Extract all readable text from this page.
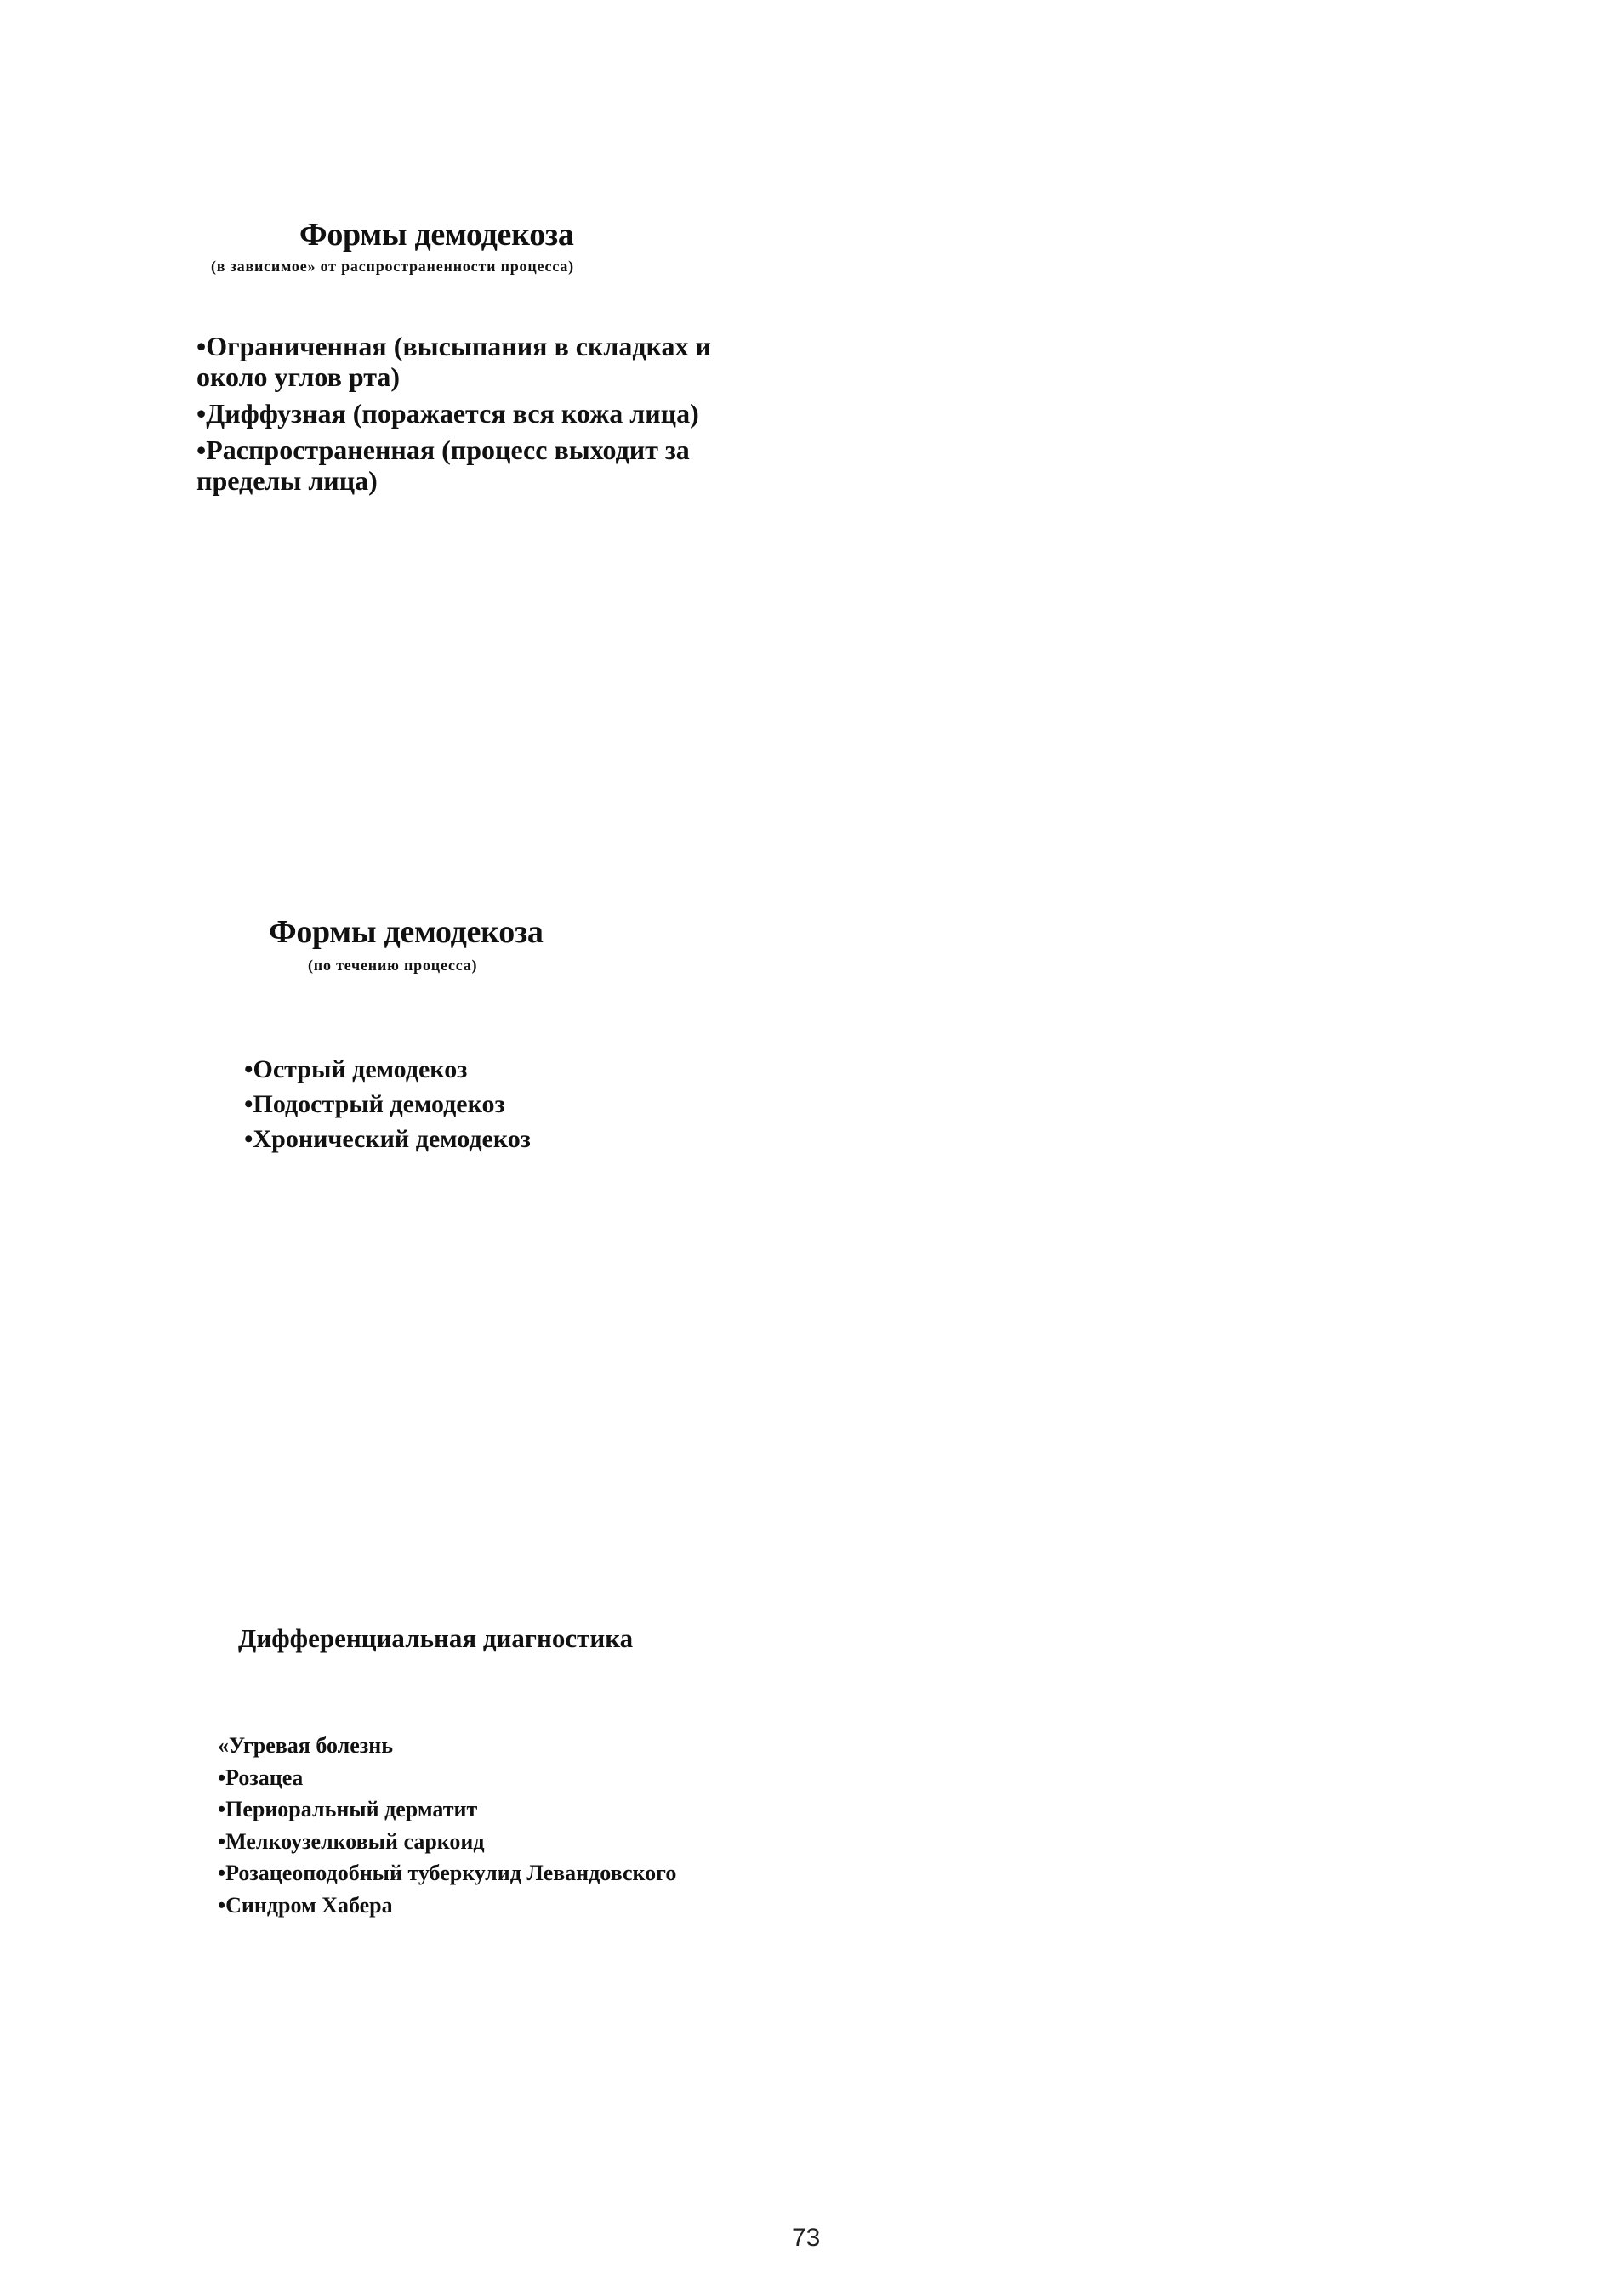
Формы демодекоза
(в зависимое» от распространенности процесса)
•Ограниченная (высыпания в складках и около углов рта)
•Диффузная (поражается вся кожа лица)
•Распространенная (процесс выходит за пределы лица)
Формы демодекоза
(по течению процесса)
•Острый демодекоз
•Подострый демодекоз
•Хронический демодекоз
Дифференциальная диагностика
«Угревая болезнь
•Розацеа
•Периоральный дерматит
•Мелкоузелковый саркоид
•Розацеоподобный туберкулид Левандовского
•Синдром Хабера
73
